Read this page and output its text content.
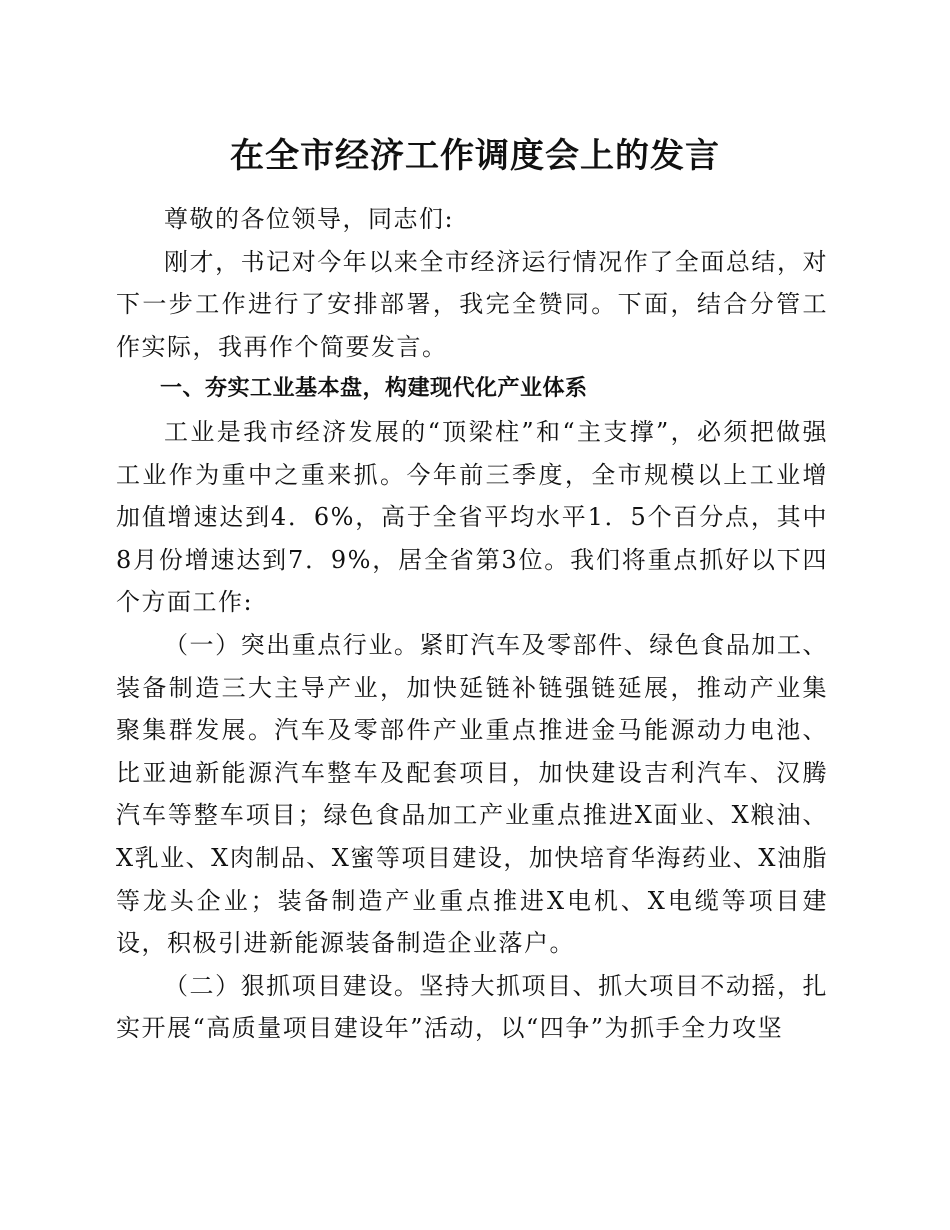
在全市经济工作调度会上的发言

尊敬的各位领导，同志们:

刚才，书记对今年以来全市经济运行情况作了全面总结，对下一步工作进行了安排部署，我完全赞同。下面，结合分管工作实际，我再作个简要发言。

一、夯实工业基本盘，构建现代化产业体系

工业是我市经济发展的“顶梁柱”和“主支撑”，必须把做强工业作为重中之重来抓。今年前三季度，全市规模以上工业增加值增速达到4．6%，高于全省平均水平1．5个百分点，其中8月份增速达到7．9%，居全省第3位。我们将重点抓好以下四个方面工作:

（一）突出重点行业。紧盯汽车及零部件、绿色食品加工、装备制造三大主导产业，加快延链补链强链延展，推动产业集聚集群发展。汽车及零部件产业重点推进金马能源动力电池、比亚迪新能源汽车整车及配套项目，加快建设吉利汽车、汉腾汽车等整车项目；绿色食品加工产业重点推进X面业、X粮油、X乳业、X肉制品、X蜜等项目建设，加快培育华海药业、X油脂等龙头企业；装备制造产业重点推进X电机、X电缆等项目建设，积极引进新能源装备制造企业落户。

（二）狠抓项目建设。坚持大抓项目、抓大项目不动摇，扎实开展“高质量项目建设年”活动，以“四争”为抓手全力攻坚
